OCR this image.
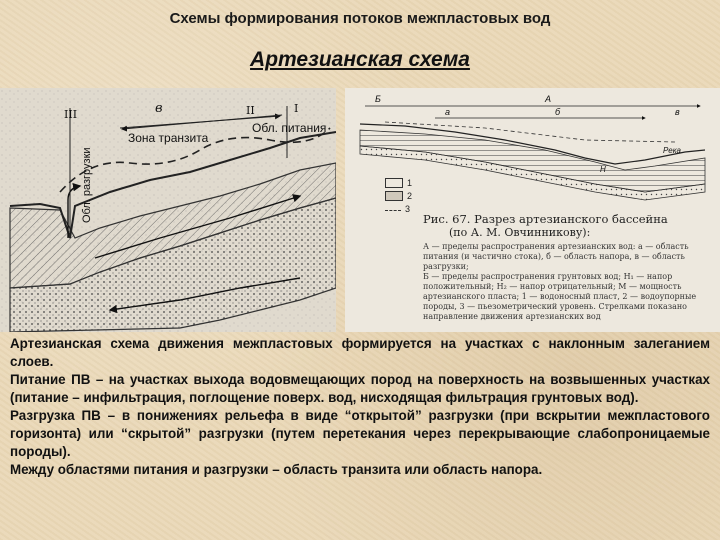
Схемы формирования потоков межпластовых вод
Артезианская схема
в
Зона транзита
Обл. питания
Обл. разгрузки
II	I
III
А
Б
б
а	в
Река
H
1
2
3
Рис. 67. Разрез артезианского бассейна
(по А. М. Овчинникову):
А — пределы распространения артезианских вод: а — область питания (и частично стока), б — область напора, в — область разгрузки;
Б — пределы распространения грунтовых вод; H₁ — напор положительный; H₂ — напор отрицательный; M — мощность артезианского пласта; 1 — водоносный пласт, 2 — водоупорные породы, 3 — пьезометрический уровень. Стрелками показано направление движения артезианских вод

Артезианская схема движения межпластовых формируется на участках с наклонным залеганием слоев.

Питание ПВ – на участках выхода водовмещающих пород на поверхность на возвышенных участках (питание – инфильтрация, поглощение поверх. вод, нисходящая фильтрация грунтовых вод).

Разгрузка ПВ – в понижениях рельефа в виде “открытой” разгрузки (при вскрытии межпластового горизонта) или “скрытой” разгрузки (путем перетекания через перекрывающие слабопроницаемые породы).

Между областями питания и разгрузки – область транзита или область напора.
